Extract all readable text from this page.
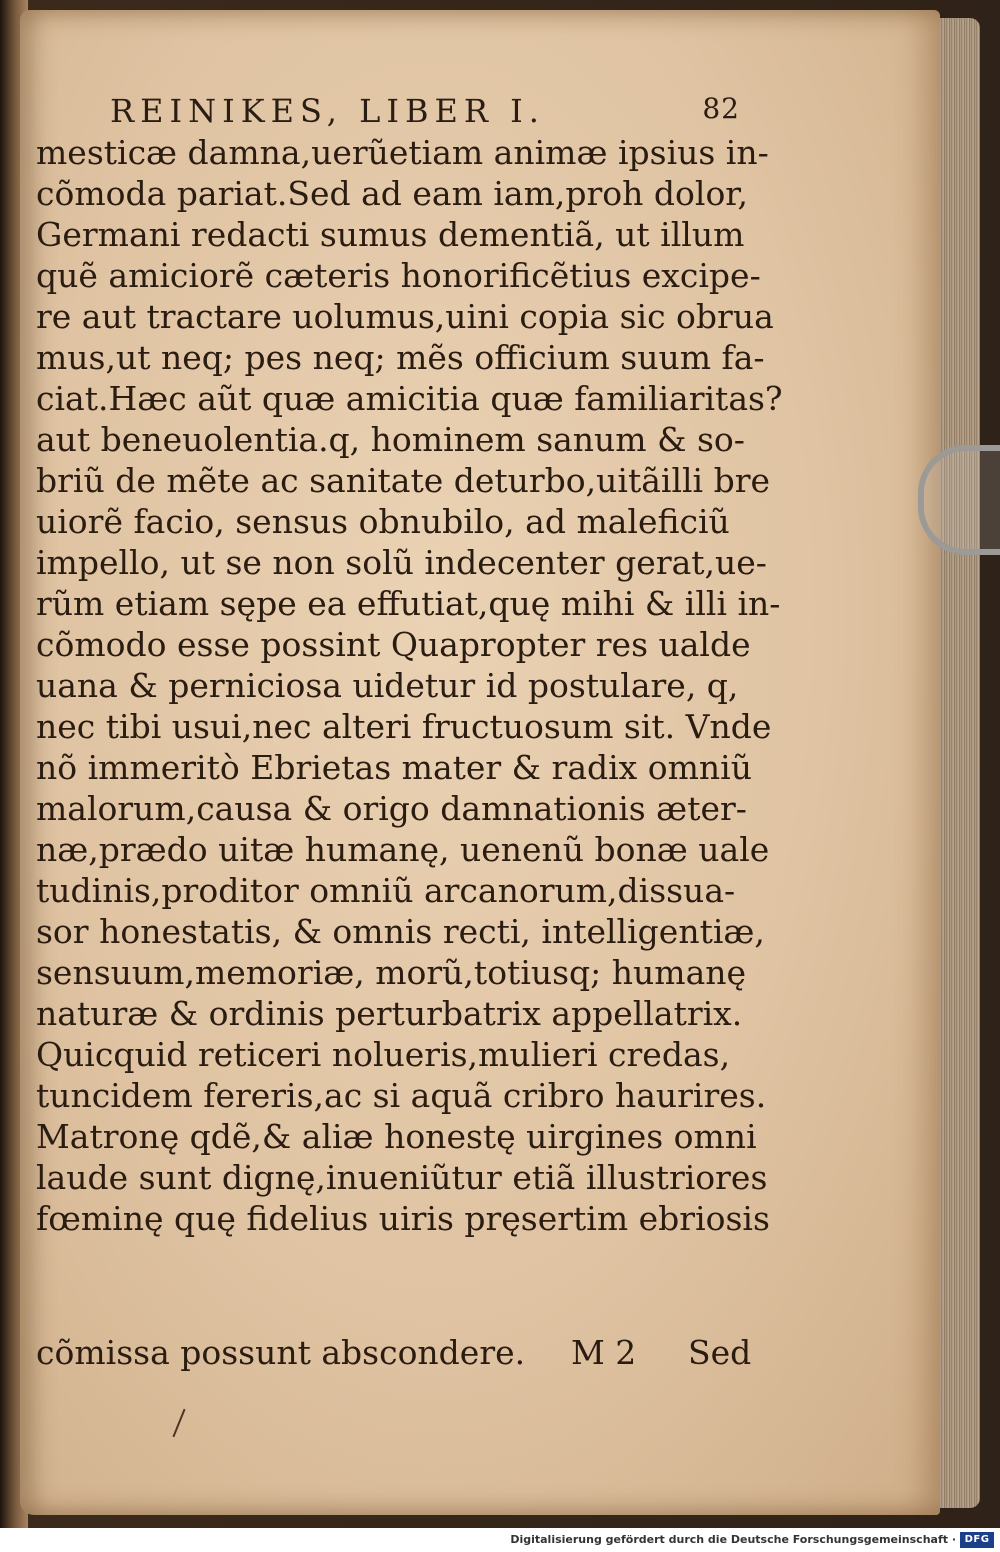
REINIKES, LIBER I.	82
mesticæ damna,uerũetiam animæ ipsius in-
cõmoda pariat.Sed ad eam iam,proh dolor,
Germani redacti sumus dementiã, ut illum
quẽ amiciorẽ cæteris honorificẽtius excipe-
re aut tractare uolumus,uini copia sic obrua
mus,ut neq; pes neq; mẽs officium suum fa-
ciat.Hæc aũt quæ amicitia quæ familiaritas?
aut beneuolentia.q, hominem sanum & so-
briũ de mẽte ac sanitate deturbo,uitãilli bre
uiorẽ facio, sensus obnubilo, ad maleficiũ
impello, ut se non solũ indecenter gerat,ue-
rũm etiam sępe ea effutiat,quę mihi & illi in-
cõmodo esse possint Quapropter res ualde
uana & perniciosa uidetur id postulare, q,
nec tibi usui,nec alteri fructuosum sit. Vnde
nõ immeritò Ebrietas mater & radix omniũ
malorum,causa & origo damnationis æter-
næ,prædo uitæ humanę, uenenũ bonæ uale
tudinis,proditor omniũ arcanorum,dissua-
sor honestatis, & omnis recti, intelligentiæ,
sensuum,memoriæ, morũ,totiusq; humanę
naturæ & ordinis perturbatrix appellatrix.
Quicquid reticeri nolueris,mulieri credas,
tuncidem fereris,ac si aquã cribro haurires.
Matronę qdẽ,& aliæ honestę uirgines omni
laude sunt dignę,inueniũtur etiã illustriores
fœminę quę fidelius uiris pręsertim ebriosis
cõmissa possunt abscondere. M 2 Sed
Digitalisierung gefördert durch die Deutsche Forschungsgemeinschaft · DFG
